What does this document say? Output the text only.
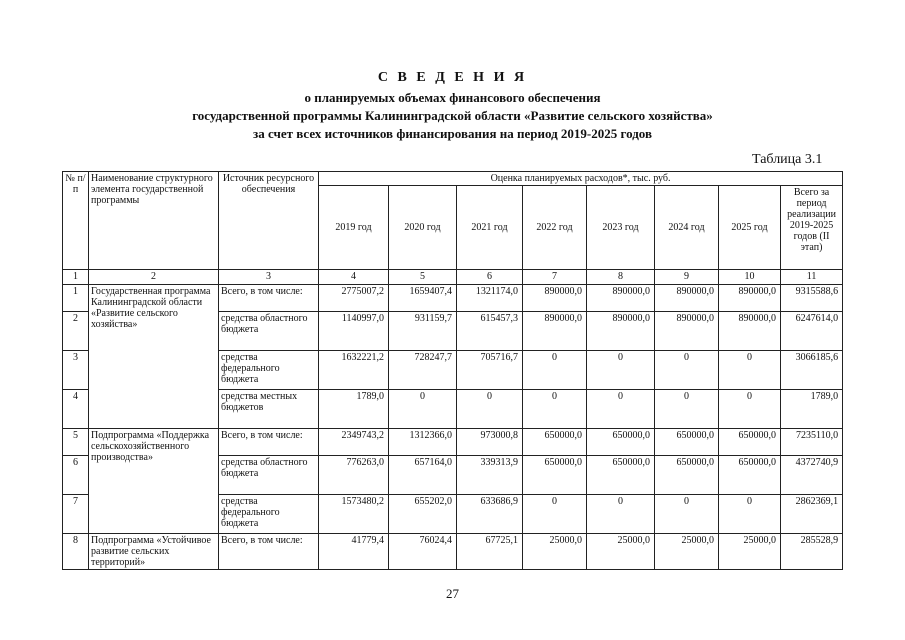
С В Е Д Е Н И Я
о планируемых объемах финансового обеспечения
государственной программы Калининградской области «Развитие сельского хозяйства»
за счет всех источников финансирования на период 2019-2025 годов
Таблица 3.1
№ п/п	Наименование структурного элемента государственной программы	Источник ресурсного обеспечения	Оценка планируемых расходов*, тыс. руб.							
			2019 год	2020 год	2021 год	2022 год	2023 год	2024 год	2025 год	Всего за период реализации 2019-2025 годов (II этап)
1	2	3	4	5	6	7	8	9	10	11
1	Государственная программа Калининградской области «Развитие сельского хозяйства»	Всего, в том числе:	2775007,2	1659407,4	1321174,0	890000,0	890000,0	890000,0	890000,0	9315588,6
2		средства областного бюджета	1140997,0	931159,7	615457,3	890000,0	890000,0	890000,0	890000,0	6247614,0
3		средства федерального бюджета	1632221,2	728247,7	705716,7	0	0	0	0	3066185,6
4		средства местных бюджетов	1789,0	0	0	0	0	0	0	1789,0
5	Подпрограмма «Поддержка сельскохозяйственного производства»	Всего, в том числе:	2349743,2	1312366,0	973000,8	650000,0	650000,0	650000,0	650000,0	7235110,0
6		средства областного бюджета	776263,0	657164,0	339313,9	650000,0	650000,0	650000,0	650000,0	4372740,9
7		средства федерального бюджета	1573480,2	655202,0	633686,9	0	0	0	0	2862369,1
8	Подпрограмма «Устойчивое развитие сельских территорий»	Всего, в том числе:	41779,4	76024,4	67725,1	25000,0	25000,0	25000,0	25000,0	285528,9
27
